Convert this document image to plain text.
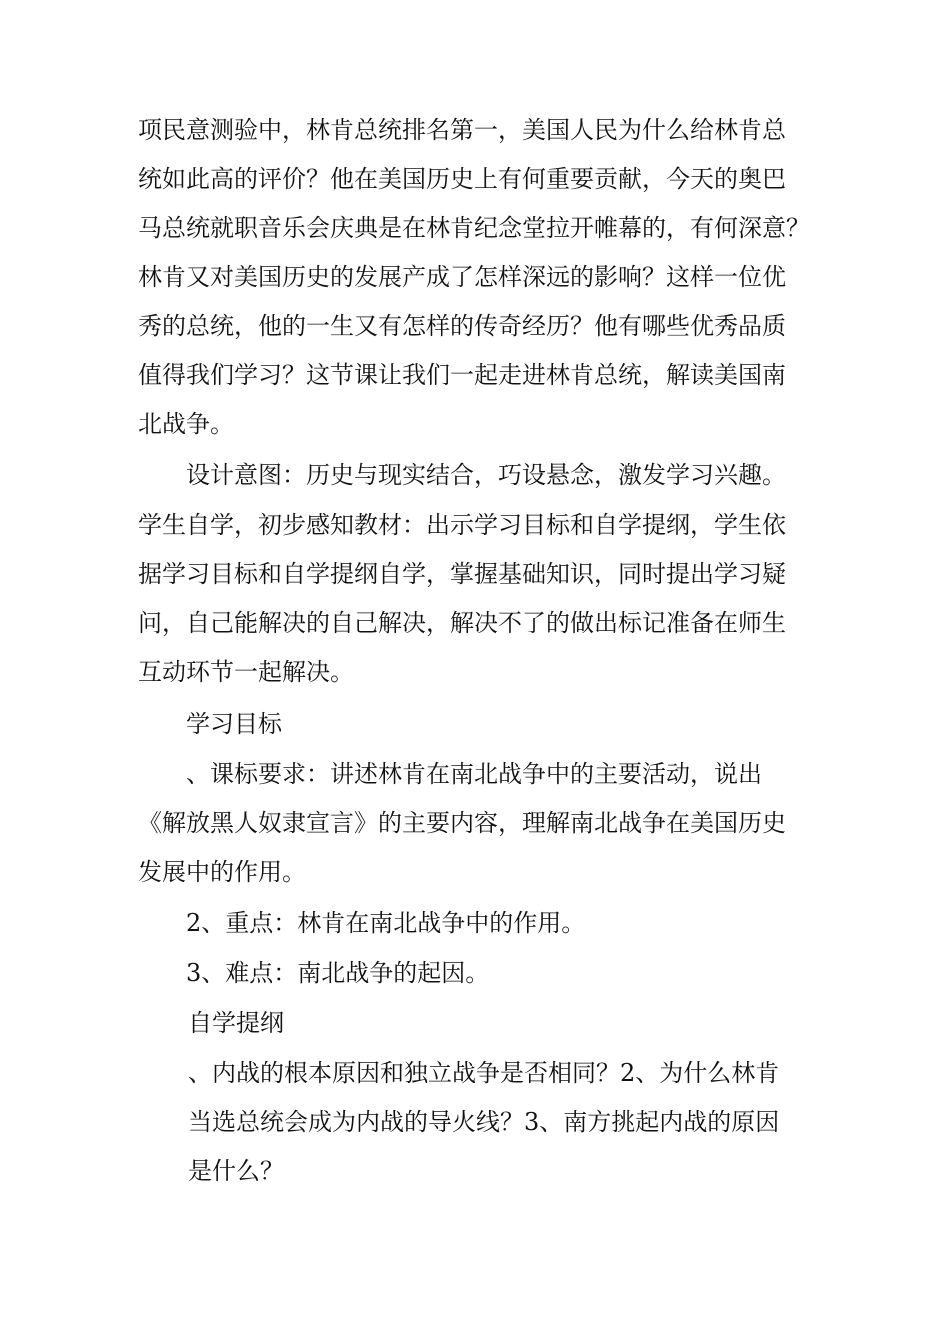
项民意测验中，林肯总统排名第一，美国人民为什么给林肯总
统如此高的评价？他在美国历史上有何重要贡献，今天的奥巴
马总统就职音乐会庆典是在林肯纪念堂拉开帷幕的，有何深意？
林肯又对美国历史的发展产成了怎样深远的影响？这样一位优
秀的总统，他的一生又有怎样的传奇经历？他有哪些优秀品质
值得我们学习？这节课让我们一起走进林肯总统，解读美国南
北战争。
设计意图：历史与现实结合，巧设悬念，激发学习兴趣。
学生自学，初步感知教材：出示学习目标和自学提纲，学生依
据学习目标和自学提纲自学，掌握基础知识，同时提出学习疑
问，自己能解决的自己解决，解决不了的做出标记准备在师生
互动环节一起解决。
学习目标
、课标要求：讲述林肯在南北战争中的主要活动，说出
《解放黑人奴隶宣言》的主要内容，理解南北战争在美国历史
发展中的作用。
2、重点：林肯在南北战争中的作用。
3、难点：南北战争的起因。
自学提纲
、内战的根本原因和独立战争是否相同？2、为什么林肯
当选总统会成为内战的导火线？3、南方挑起内战的原因
是什么？
